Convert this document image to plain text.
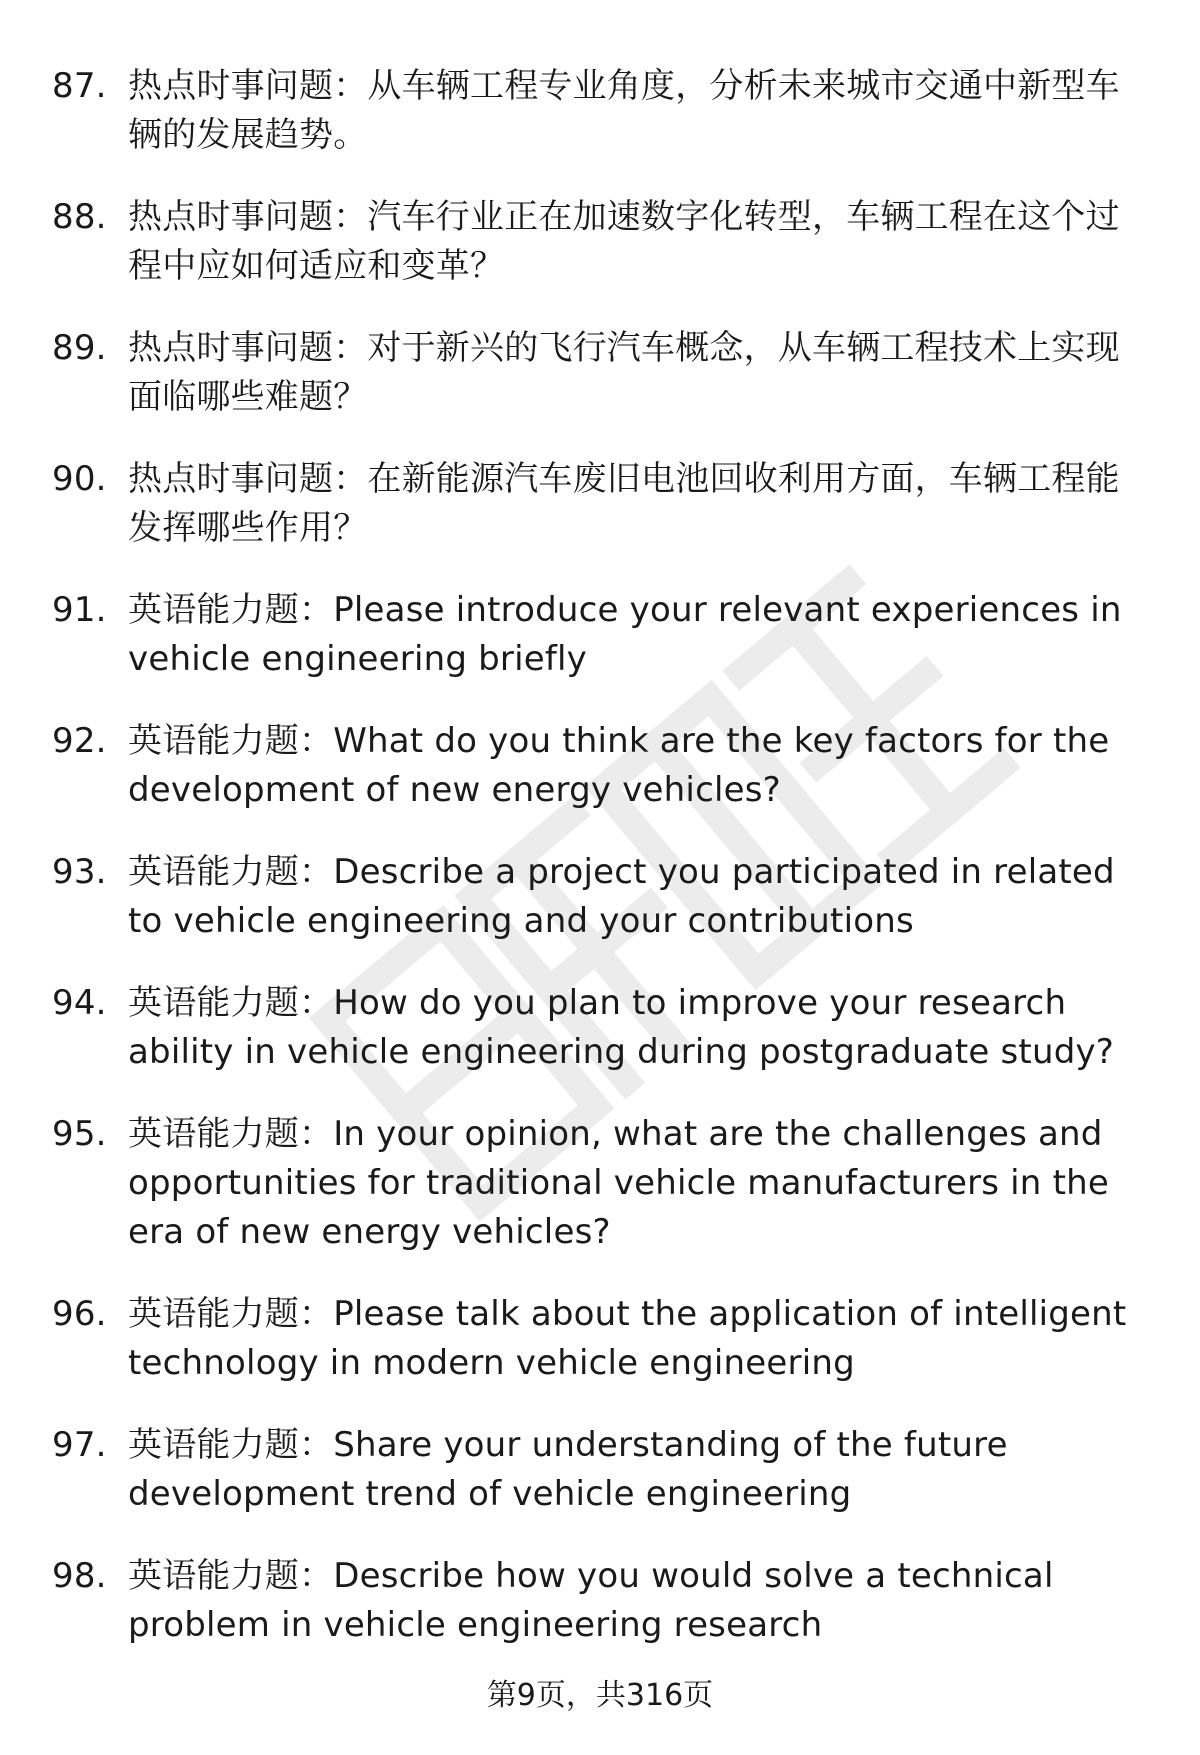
87. 热点时事问题：从车辆工程专业角度，分析未来城市交通中新型车辆的发展趋势。
88. 热点时事问题：汽车行业正在加速数字化转型，车辆工程在这个过程中应如何适应和变革？
89. 热点时事问题：对于新兴的飞行汽车概念，从车辆工程技术上实现面临哪些难题？
90. 热点时事问题：在新能源汽车废旧电池回收利用方面，车辆工程能发挥哪些作用？
91. 英语能力题：Please introduce your relevant experiences in vehicle engineering briefly
92. 英语能力题：What do you think are the key factors for the development of new energy vehicles?
93. 英语能力题：Describe a project you participated in related to vehicle engineering and your contributions
94. 英语能力题：How do you plan to improve your research ability in vehicle engineering during postgraduate study?
95. 英语能力题：In your opinion, what are the challenges and opportunities for traditional vehicle manufacturers in the era of new energy vehicles?
96. 英语能力题：Please talk about the application of intelligent technology in modern vehicle engineering
97. 英语能力题：Share your understanding of the future development trend of vehicle engineering
98. 英语能力题：Describe how you would solve a technical problem in vehicle engineering research
第9页，共316页
